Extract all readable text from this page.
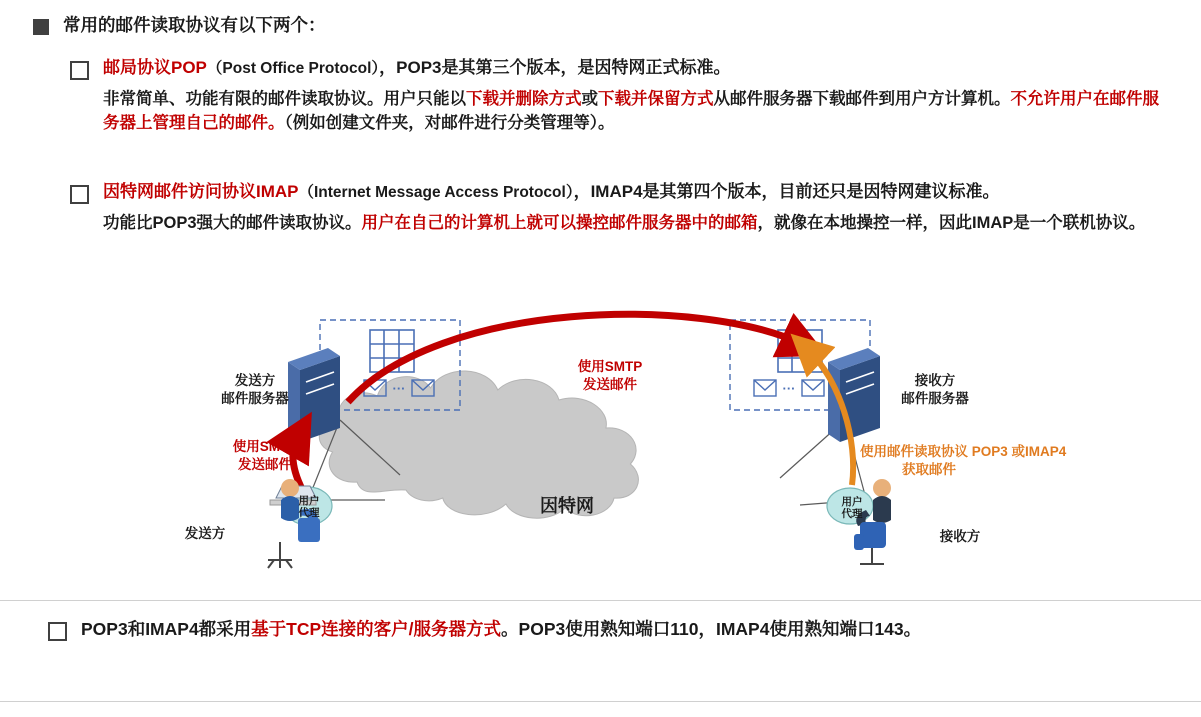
常用的邮件读取协议有以下两个：
邮局协议POP（Post Office Protocol），POP3是其第三个版本，是因特网正式标准。
非常简单、功能有限的邮件读取协议。用户只能以下载并删除方式或下载并保留方式从邮件服务器下载邮件到用户方计算机。不允许用户在邮件服务器上管理自己的邮件。（例如创建文件夹，对邮件进行分类管理等）。
因特网邮件访问协议IMAP（Internet Message Access Protocol），IMAP4是其第四个版本，目前还只是因特网建议标准。
功能比POP3强大的邮件读取协议。用户在自己的计算机上就可以操控邮件服务器中的邮箱，就像在本地操控一样，因此IMAP是一个联机协议。
···	···
发送方
邮件服务器
接收方
邮件服务器
使用SMTP
发送邮件
使用SMTP
发送邮件
使用邮件读取协议 POP3 或IMAP4
获取邮件
因特网
发送方	接收方
用户
代理
用户
代理
POP3和IMAP4都采用基于TCP连接的客户/服务器方式。POP3使用熟知端口110，IMAP4使用熟知端口143。
